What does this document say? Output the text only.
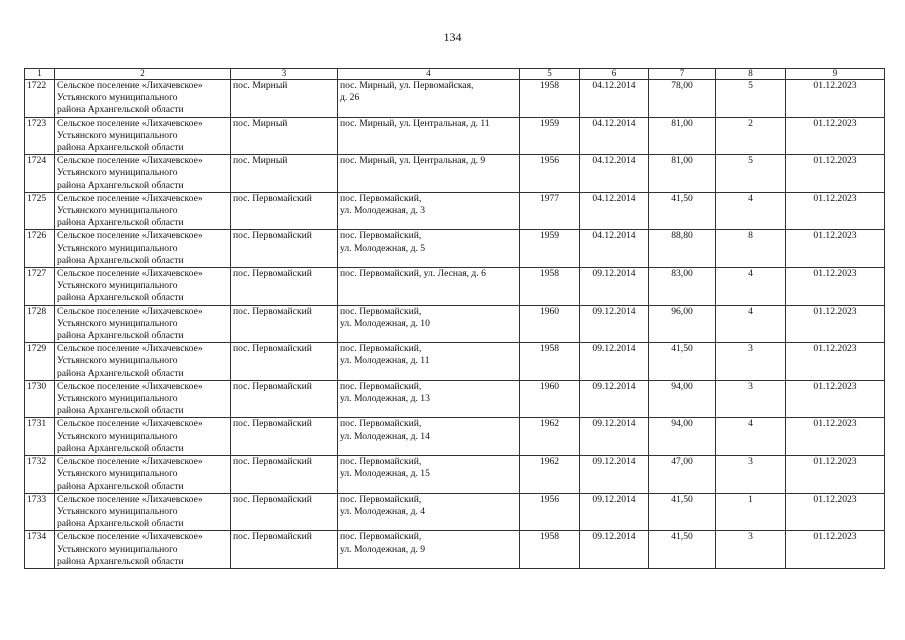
134
1	2	3	4	5	6	7	8	9
1722	Сельское поселение «Лихачевское»
Устьянского муниципального
района Архангельской области	пос. Мирный	пос. Мирный, ул. Первомайская,
д. 26	1958	04.12.2014	78,00	5	01.12.2023
1723	Сельское поселение «Лихачевское»
Устьянского муниципального
района Архангельской области	пос. Мирный	пос. Мирный, ул. Центральная, д. 11	1959	04.12.2014	81,00	2	01.12.2023
1724	Сельское поселение «Лихачевское»
Устьянского муниципального
района Архангельской области	пос. Мирный	пос. Мирный, ул. Центральная, д. 9	1956	04.12.2014	81,00	5	01.12.2023
1725	Сельское поселение «Лихачевское»
Устьянского муниципального
района Архангельской области	пос. Первомайский	пос. Первомайский,
ул. Молодежная, д. 3	1977	04.12.2014	41,50	4	01.12.2023
1726	Сельское поселение «Лихачевское»
Устьянского муниципального
района Архангельской области	пос. Первомайский	пос. Первомайский,
ул. Молодежная, д. 5	1959	04.12.2014	88,80	8	01.12.2023
1727	Сельское поселение «Лихачевское»
Устьянского муниципального
района Архангельской области	пос. Первомайский	пос. Первомайский, ул. Лесная, д. 6	1958	09.12.2014	83,00	4	01.12.2023
1728	Сельское поселение «Лихачевское»
Устьянского муниципального
района Архангельской области	пос. Первомайский	пос. Первомайский,
ул. Молодежная, д. 10	1960	09.12.2014	96,00	4	01.12.2023
1729	Сельское поселение «Лихачевское»
Устьянского муниципального
района Архангельской области	пос. Первомайский	пос. Первомайский,
ул. Молодежная, д. 11	1958	09.12.2014	41,50	3	01.12.2023
1730	Сельское поселение «Лихачевское»
Устьянского муниципального
района Архангельской области	пос. Первомайский	пос. Первомайский,
ул. Молодежная, д. 13	1960	09.12.2014	94,00	3	01.12.2023
1731	Сельское поселение «Лихачевское»
Устьянского муниципального
района Архангельской области	пос. Первомайский	пос. Первомайский,
ул. Молодежная, д. 14	1962	09.12.2014	94,00	4	01.12.2023
1732	Сельское поселение «Лихачевское»
Устьянского муниципального
района Архангельской области	пос. Первомайский	пос. Первомайский,
ул. Молодежная, д. 15	1962	09.12.2014	47,00	3	01.12.2023
1733	Сельское поселение «Лихачевское»
Устьянского муниципального
района Архангельской области	пос. Первомайский	пос. Первомайский,
ул. Молодежная, д. 4	1956	09.12.2014	41,50	1	01.12.2023
1734	Сельское поселение «Лихачевское»
Устьянского муниципального
района Архангельской области	пос. Первомайский	пос. Первомайский,
ул. Молодежная, д. 9	1958	09.12.2014	41,50	3	01.12.2023
